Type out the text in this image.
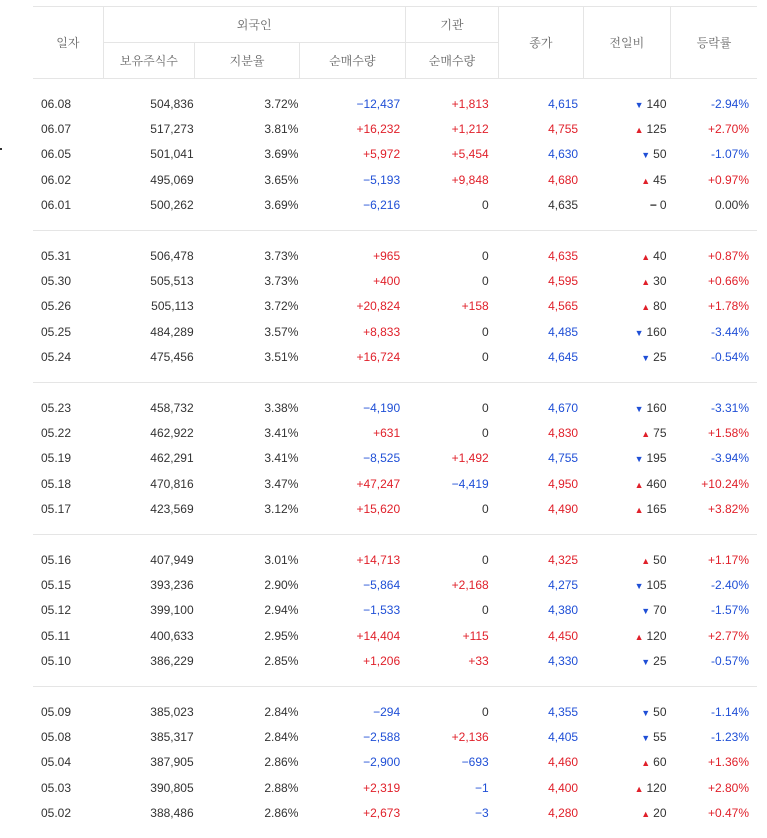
일자	외국인			기관	종가	전일비	등락률
	보유주식수	지분율	순매수량	순매수량			

06.08	504,836	3.72%	−12,437	+1,813	4,615	▼ 140	-2.94%
06.07	517,273	3.81%	+16,232	+1,212	4,755	▲ 125	+2.70%
06.05	501,041	3.69%	+5,972	+5,454	4,630	▼ 50	-1.07%
06.02	495,069	3.65%	−5,193	+9,848	4,680	▲ 45	+0.97%
06.01	500,262	3.69%	−6,216	0	4,635	− 0	0.00%

05.31	506,478	3.73%	+965	0	4,635	▲ 40	+0.87%
05.30	505,513	3.73%	+400	0	4,595	▲ 30	+0.66%
05.26	505,113	3.72%	+20,824	+158	4,565	▲ 80	+1.78%
05.25	484,289	3.57%	+8,833	0	4,485	▼ 160	-3.44%
05.24	475,456	3.51%	+16,724	0	4,645	▼ 25	-0.54%

05.23	458,732	3.38%	−4,190	0	4,670	▼ 160	-3.31%
05.22	462,922	3.41%	+631	0	4,830	▲ 75	+1.58%
05.19	462,291	3.41%	−8,525	+1,492	4,755	▼ 195	-3.94%
05.18	470,816	3.47%	+47,247	−4,419	4,950	▲ 460	+10.24%
05.17	423,569	3.12%	+15,620	0	4,490	▲ 165	+3.82%

05.16	407,949	3.01%	+14,713	0	4,325	▲ 50	+1.17%
05.15	393,236	2.90%	−5,864	+2,168	4,275	▼ 105	-2.40%
05.12	399,100	2.94%	−1,533	0	4,380	▼ 70	-1.57%
05.11	400,633	2.95%	+14,404	+115	4,450	▲ 120	+2.77%
05.10	386,229	2.85%	+1,206	+33	4,330	▼ 25	-0.57%

05.09	385,023	2.84%	−294	0	4,355	▼ 50	-1.14%
05.08	385,317	2.84%	−2,588	+2,136	4,405	▼ 55	-1.23%
05.04	387,905	2.86%	−2,900	−693	4,460	▲ 60	+1.36%
05.03	390,805	2.88%	+2,319	−1	4,400	▲ 120	+2.80%
05.02	388,486	2.86%	+2,673	−3	4,280	▲ 20	+0.47%
